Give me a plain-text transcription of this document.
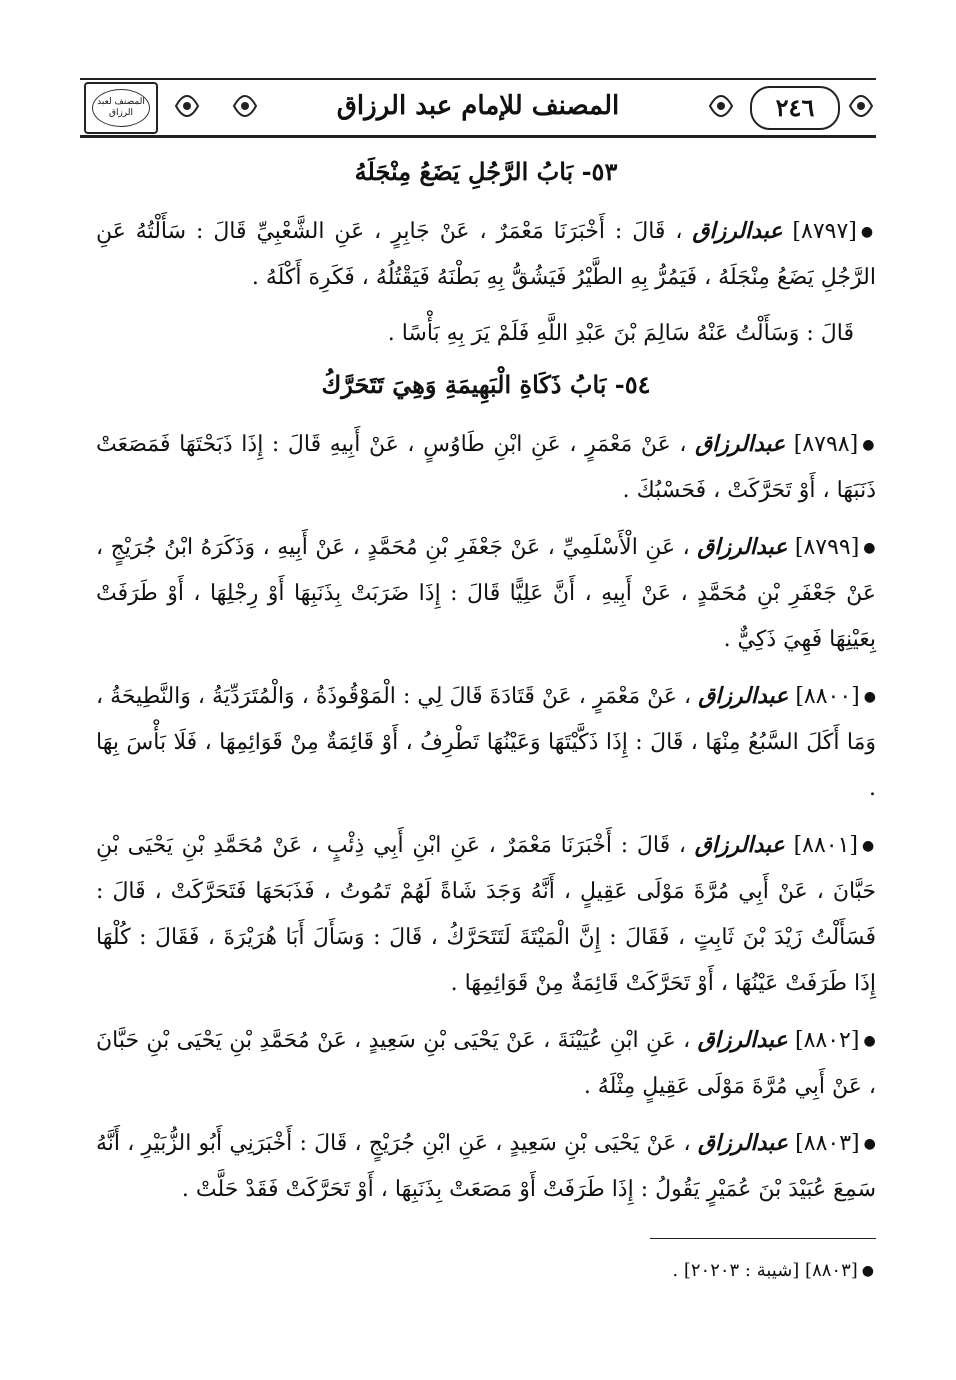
المصنف لعبد الرزاق	المصنف للإمام عبد الرزاق	٢٤٦
٥٣- بَابُ الرَّجُلِ يَضَعُ مِنْجَلَهُ
●[٨٧٩٧] عبدالرزاق ، قَالَ : أَخْبَرَنَا مَعْمَرٌ ، عَنْ جَابِرٍ ، عَنِ الشَّعْبِيِّ قَالَ : سَأَلْتُهُ عَنِ الرَّجُلِ يَضَعُ مِنْجَلَهُ ، فَيَمُرُّ بِهِ الطَّيْرُ فَيَشُقُّ بِهِ بَطْنَهُ فَيَقْتُلُهُ ، فَكَرِهَ أَكْلَهُ .
قَالَ : وَسَأَلْتُ عَنْهُ سَالِمَ بْنَ عَبْدِ اللَّهِ فَلَمْ يَرَ بِهِ بَأْسًا .
٥٤- بَابُ ذَكَاةِ الْبَهِيمَةِ وَهِيَ تَتَحَرَّكُ
●[٨٧٩٨] عبدالرزاق ، عَنْ مَعْمَرٍ ، عَنِ ابْنِ طَاوُسٍ ، عَنْ أَبِيهِ قَالَ : إِذَا ذَبَحْتَهَا فَمَصَعَتْ ذَنَبَهَا ، أَوْ تَحَرَّكَتْ ، فَحَسْبُكَ .
●[٨٧٩٩] عبدالرزاق ، عَنِ الْأَسْلَمِيِّ ، عَنْ جَعْفَرِ بْنِ مُحَمَّدٍ ، عَنْ أَبِيهِ ، وَذَكَرَهُ ابْنُ جُرَيْجٍ ، عَنْ جَعْفَرِ بْنِ مُحَمَّدٍ ، عَنْ أَبِيهِ ، أَنَّ عَلِيًّا قَالَ : إِذَا ضَرَبَتْ بِذَنَبِهَا أَوْ رِجْلِهَا ، أَوْ طَرَفَتْ بِعَيْنِهَا فَهِيَ ذَكِيٌّ .
●[٨٨٠٠] عبدالرزاق ، عَنْ مَعْمَرٍ ، عَنْ قَتَادَةَ قَالَ لِي : الْمَوْقُوذَةُ ، وَالْمُتَرَدِّيَةُ ، وَالنَّطِيحَةُ ، وَمَا أَكَلَ السَّبُعُ مِنْهَا ، قَالَ : إِذَا ذَكَّيْتَهَا وَعَيْنُهَا تَطْرِفُ ، أَوْ قَائِمَةٌ مِنْ قَوَائِمِهَا ، فَلَا بَأْسَ بِهَا .
●[٨٨٠١] عبدالرزاق ، قَالَ : أَخْبَرَنَا مَعْمَرٌ ، عَنِ ابْنِ أَبِي ذِئْبٍ ، عَنْ مُحَمَّدِ بْنِ يَحْيَى بْنِ حَبَّانَ ، عَنْ أَبِي مُرَّةَ مَوْلَى عَقِيلٍ ، أَنَّهُ وَجَدَ شَاةً لَهُمْ تَمُوتُ ، فَذَبَحَهَا فَتَحَرَّكَتْ ، قَالَ : فَسَأَلْتُ زَيْدَ بْنَ ثَابِتٍ ، فَقَالَ : إِنَّ الْمَيْتَةَ لَتَتَحَرَّكُ ، قَالَ : وَسَأَلَ أَبَا هُرَيْرَةَ ، فَقَالَ : كُلْهَا إِذَا طَرَفَتْ عَيْنُهَا ، أَوْ تَحَرَّكَتْ قَائِمَةٌ مِنْ قَوَائِمِهَا .
●[٨٨٠٢] عبدالرزاق ، عَنِ ابْنِ عُيَيْنَةَ ، عَنْ يَحْيَى بْنِ سَعِيدٍ ، عَنْ مُحَمَّدِ بْنِ يَحْيَى بْنِ حَبَّانَ ، عَنْ أَبِي مُرَّةَ مَوْلَى عَقِيلٍ مِثْلَهُ .
●[٨٨٠٣] عبدالرزاق ، عَنْ يَحْيَى بْنِ سَعِيدٍ ، عَنِ ابْنِ جُرَيْجٍ ، قَالَ : أَخْبَرَنِي أَبُو الزُّبَيْرِ ، أَنَّهُ سَمِعَ عُبَيْدَ بْنَ عُمَيْرٍ يَقُولُ : إِذَا طَرَفَتْ أَوْ مَصَعَتْ بِذَنَبِهَا ، أَوْ تَحَرَّكَتْ فَقَدْ حَلَّتْ .
●[٨٨٠٣] [شيبة : ٢٠٢٠٣] .
